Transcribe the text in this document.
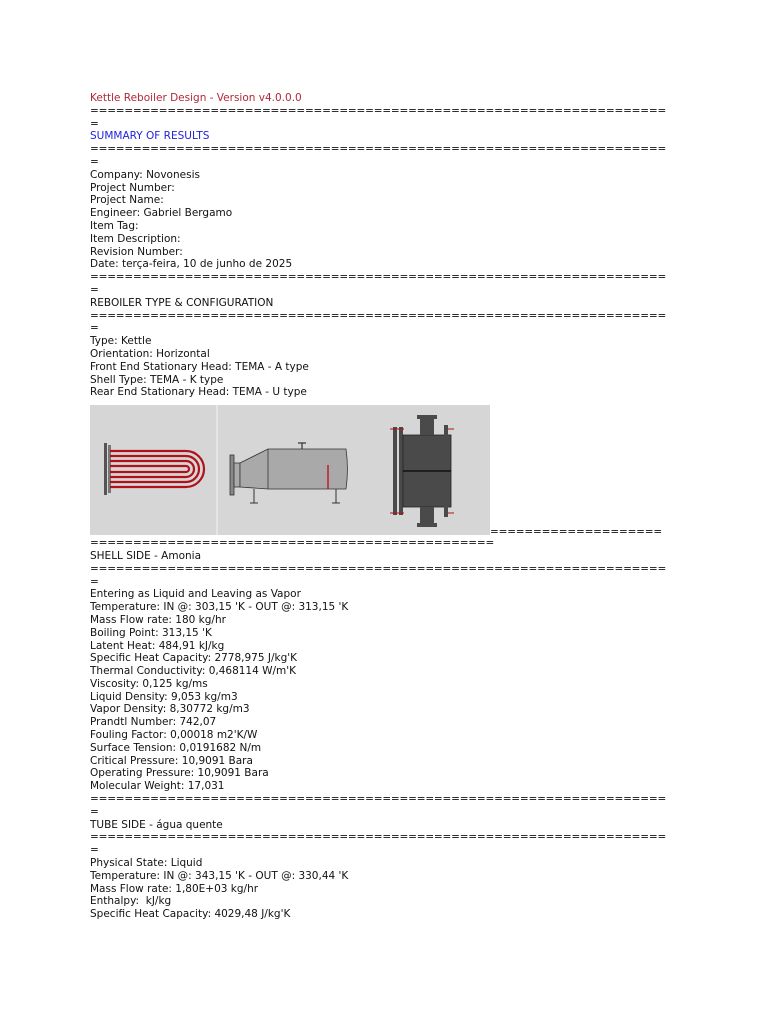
Kettle Reboiler Design - Version v4.0.0.0
===================================================================
=
SUMMARY OF RESULTS
===================================================================
=
Company: Novonesis
Project Number:
Project Name:
Engineer: Gabriel Bergamo
Item Tag:
Item Description:
Revision Number:
Date: terça-feira, 10 de junho de 2025
===================================================================
=
REBOILER TYPE & CONFIGURATION
===================================================================
=
Type: Kettle
Orientation: Horizontal
Front End Stationary Head: TEMA - A type
Shell Type: TEMA - K type
Rear End Stationary Head: TEMA - U type
====================
===============================================
SHELL SIDE - Amonia
===================================================================
=
Entering as Liquid and Leaving as Vapor
Temperature: IN @: 303,15 'K - OUT @: 313,15 'K
Mass Flow rate: 180 kg/hr
Boiling Point: 313,15 'K
Latent Heat: 484,91 kJ/kg
Specific Heat Capacity: 2778,975 J/kg'K
Thermal Conductivity: 0,468114 W/m'K
Viscosity: 0,125 kg/ms
Liquid Density: 9,053 kg/m3
Vapor Density: 8,30772 kg/m3
Prandtl Number: 742,07
Fouling Factor: 0,00018 m2'K/W
Surface Tension: 0,0191682 N/m
Critical Pressure: 10,9091 Bara
Operating Pressure: 10,9091 Bara
Molecular Weight: 17,031
===================================================================
=
TUBE SIDE - água quente
===================================================================
=
Physical State: Liquid
Temperature: IN @: 343,15 'K - OUT @: 330,44 'K
Mass Flow rate: 1,80E+03 kg/hr
Enthalpy:  kJ/kg
Specific Heat Capacity: 4029,48 J/kg'K
